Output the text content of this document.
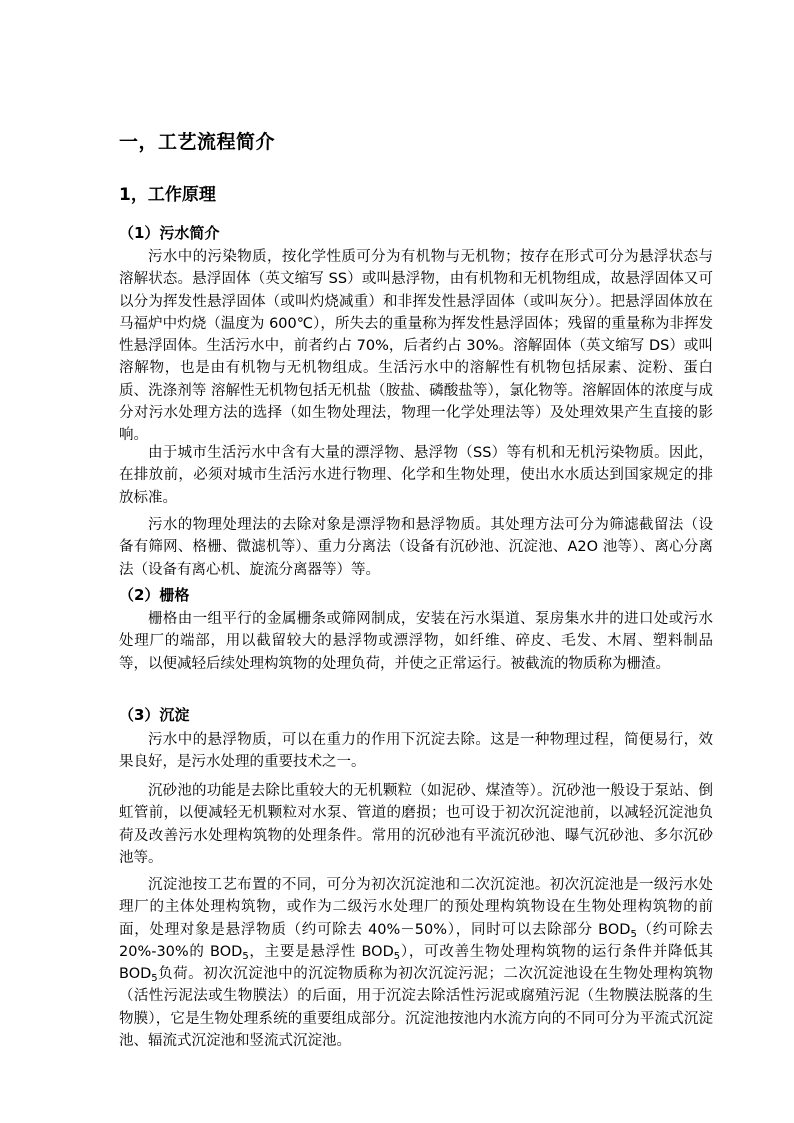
一，工艺流程简介
1，工作原理
（1）污水简介

污水中的污染物质，按化学性质可分为有机物与无机物；按存在形式可分为悬浮状态与溶解状态。悬浮固体（英文缩写 SS）或叫悬浮物，由有机物和无机物组成，故悬浮固体又可以分为挥发性悬浮固体（或叫灼烧减重）和非挥发性悬浮固体（或叫灰分）。把悬浮固体放在马福炉中灼烧（温度为 600℃），所失去的重量称为挥发性悬浮固体；残留的重量称为非挥发性悬浮固体。生活污水中，前者约占 70%，后者约占 30%。溶解固体（英文缩写 DS）或叫溶解物，也是由有机物与无机物组成。生活污水中的溶解性有机物包括尿素、淀粉、蛋白质、洗涤剂等 溶解性无机物包括无机盐（胺盐、磷酸盐等），氯化物等。溶解固体的浓度与成分对污水处理方法的选择（如生物处理法，物理一化学处理法等）及处理效果产生直接的影响。

由于城市生活污水中含有大量的漂浮物、悬浮物（SS）等有机和无机污染物质。因此，在排放前，必须对城市生活污水进行物理、化学和生物处理，使出水水质达到国家规定的排放标准。

污水的物理处理法的去除对象是漂浮物和悬浮物质。其处理方法可分为筛滤截留法（设备有筛网、格栅、微滤机等）、重力分离法（设备有沉砂池、沉淀池、A2O 池等）、离心分离法（设备有离心机、旋流分离器等）等。

（2）栅格

栅格由一组平行的金属栅条或筛网制成，安装在污水渠道、泵房集水井的进口处或污水处理厂的端部，用以截留较大的悬浮物或漂浮物，如纤维、碎皮、毛发、木屑、塑料制品等，以便减轻后续处理构筑物的处理负荷，并使之正常运行。被截流的物质称为栅渣。

（3）沉淀

污水中的悬浮物质，可以在重力的作用下沉淀去除。这是一种物理过程，简便易行，效果良好，是污水处理的重要技术之一。

沉砂池的功能是去除比重较大的无机颗粒（如泥砂、煤渣等）。沉砂池一般设于泵站、倒虹管前，以便减轻无机颗粒对水泵、管道的磨损；也可设于初次沉淀池前，以减轻沉淀池负荷及改善污水处理构筑物的处理条件。常用的沉砂池有平流沉砂池、曝气沉砂池、多尔沉砂池等。

沉淀池按工艺布置的不同，可分为初次沉淀池和二次沉淀池。初次沉淀池是一级污水处理厂的主体处理构筑物，或作为二级污水处理厂的预处理构筑物设在生物处理构筑物的前面，处理对象是悬浮物质（约可除去 40%－50%），同时可以去除部分 $BOD_5$（约可除去 20%-30%的 $BOD_5$，主要是悬浮性 $BOD_5$），可改善生物处理构筑物的运行条件并降低其 $BOD_5$负荷。初次沉淀池中的沉淀物质称为初次沉淀污泥；二次沉淀池设在生物处理构筑物（活性污泥法或生物膜法）的后面，用于沉淀去除活性污泥或腐殖污泥（生物膜法脱落的生物膜），它是生物处理系统的重要组成部分。沉淀池按池内水流方向的不同可分为平流式沉淀池、辐流式沉淀池和竖流式沉淀池。
